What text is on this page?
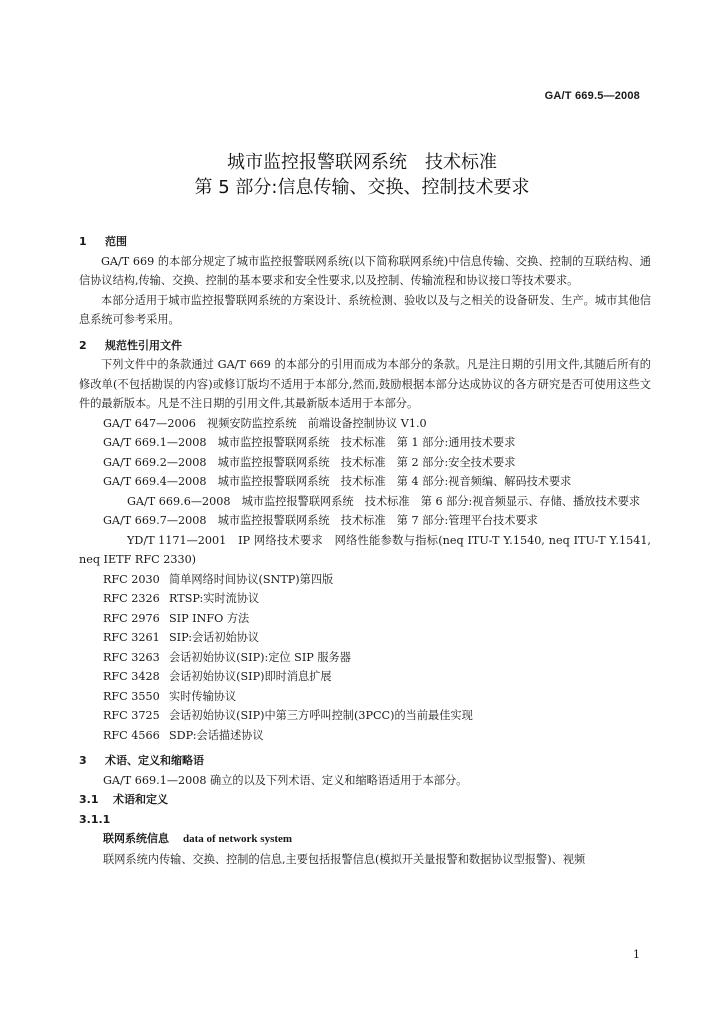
GA/T 669.5—2008
城市监控报警联网系统　技术标准
第 5 部分:信息传输、交换、控制技术要求
1 范围

GA/T 669 的本部分规定了城市监控报警联网系统(以下简称联网系统)中信息传输、交换、控制的互联结构、通信协议结构,传输、交换、控制的基本要求和安全性要求,以及控制、传输流程和协议接口等技术要求。

本部分适用于城市监控报警联网系统的方案设计、系统检测、验收以及与之相关的设备研发、生产。城市其他信息系统可参考采用。

2 规范性引用文件

下列文件中的条款通过 GA/T 669 的本部分的引用而成为本部分的条款。凡是注日期的引用文件,其随后所有的修改单(不包括勘误的内容)或修订版均不适用于本部分,然而,鼓励根据本部分达成协议的各方研究是否可使用这些文件的最新版本。凡是不注日期的引用文件,其最新版本适用于本部分。

GA/T 647—2006　 视频安防监控系统　前端设备控制协议 V1.0

GA/T 669.1—2008　 城市监控报警联网系统　技术标准　第 1 部分:通用技术要求

GA/T 669.2—2008　 城市监控报警联网系统　技术标准　第 2 部分:安全技术要求

GA/T 669.4—2008　 城市监控报警联网系统　技术标准　第 4 部分:视音频编、解码技术要求

GA/T 669.6—2008　 城市监控报警联网系统　技术标准　第 6 部分:视音频显示、存储、播放技术要求

GA/T 669.7—2008　 城市监控报警联网系统　技术标准　第 7 部分:管理平台技术要求

YD/T 1171—2001　 IP 网络技术要求　网络性能参数与指标(neq ITU-T Y.1540, neq ITU-T Y.1541, neq IETF RFC 2330)

RFC 2030 简单网络时间协议(SNTP)第四版

RFC 2326 RTSP:实时流协议

RFC 2976 SIP INFO 方法

RFC 3261 SIP:会话初始协议

RFC 3263 会话初始协议(SIP):定位 SIP 服务器

RFC 3428 会话初始协议(SIP)即时消息扩展

RFC 3550 实时传输协议

RFC 3725 会话初始协议(SIP)中第三方呼叫控制(3PCC)的当前最佳实现

RFC 4566 SDP:会话描述协议

3 术语、定义和缩略语

GA/T 669.1—2008 确立的以及下列术语、定义和缩略语适用于本部分。

3.1 术语和定义
3.1.1
联网系统信息 data of network system

联网系统内传输、交换、控制的信息,主要包括报警信息(模拟开关量报警和数据协议型报警)、视频

1
